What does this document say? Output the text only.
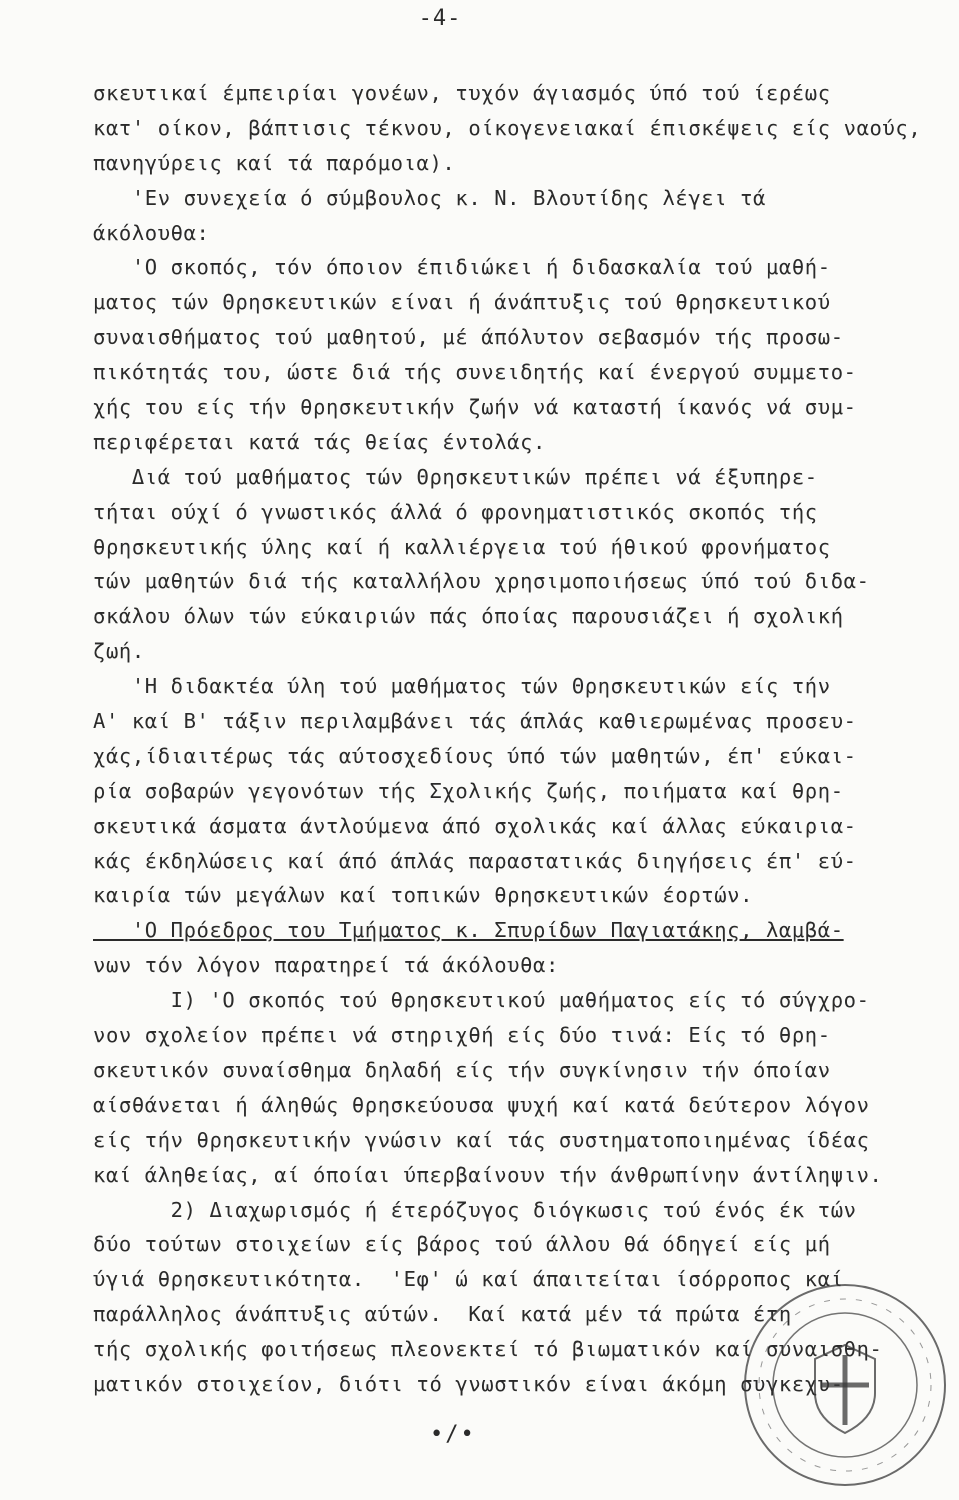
-4-
σκευτικαί έμπειρίαι γονέων, τυχόν άγιασμός ύπό τού ίερέως
κατ' οίκον, βάπτισις τέκνου, οίκογενειακαί έπισκέψεις είς ναούς,
πανηγύρεις καί τά παρόμοια).
'Εν συνεχεία ό σύμβουλος κ. Ν. Βλουτίδης λέγει τά
άκόλουθα:
'Ο σκοπός, τόν όποιον έπιδιώκει ή διδασκαλία τού μαθή-
ματος τών Θρησκευτικών είναι ή άνάπτυξις τού θρησκευτικού
συναισθήματος τού μαθητού, μέ άπόλυτον σεβασμόν τής προσω-
πικότητάς του, ώστε διά τής συνειδητής καί ένεργού συμμετο-
χής του είς τήν θρησκευτικήν ζωήν νά καταστή ίκανός νά συμ-
περιφέρεται κατά τάς θείας έντολάς.
Διά τού μαθήματος τών Θρησκευτικών πρέπει νά έξυπηρε-
τήται ούχί ό γνωστικός άλλά ό φρονηματιστικός σκοπός τής
θρησκευτικής ύλης καί ή καλλιέργεια τού ήθικού φρονήματος
τών μαθητών διά τής καταλλήλου χρησιμοποιήσεως ύπό τού διδα-
σκάλου όλων τών εύκαιριών πάς όποίας παρουσιάζει ή σχολική
ζωή.
'Η διδακτέα ύλη τού μαθήματος τών Θρησκευτικών είς τήν
Α' καί Β' τάξιν περιλαμβάνει τάς άπλάς καθιερωμένας προσευ-
χάς,ίδιαιτέρως τάς αύτοσχεδίους ύπό τών μαθητών, έπ' εύκαι-
ρία σοβαρών γεγονότων τής Σχολικής ζωής, ποιήματα καί θρη-
σκευτικά άσματα άντλούμενα άπό σχολικάς καί άλλας εύκαιρια-
κάς έκδηλώσεις καί άπό άπλάς παραστατικάς διηγήσεις έπ' εύ-
καιρία τών μεγάλων καί τοπικών θρησκευτικών έορτών.
'Ο Πρόεδρος του Τμήματος κ. Σπυρίδων Παγιατάκης, λαμβά-
νων τόν λόγον παρατηρεί τά άκόλουθα:
Ι) 'Ο σκοπός τού θρησκευτικού μαθήματος είς τό σύγχρο-
νον σχολείον πρέπει νά στηριχθή είς δύο τινά: Είς τό θρη-
σκευτικόν συναίσθημα δηλαδή είς τήν συγκίνησιν τήν όποίαν
αίσθάνεται ή άληθώς θρησκεύουσα ψυχή καί κατά δεύτερον λόγον
είς τήν θρησκευτικήν γνώσιν καί τάς συστηματοποιημένας ίδέας
καί άληθείας, αί όποίαι ύπερβαίνουν τήν άνθρωπίνην άντίληψιν.
2) Διαχωρισμός ή έτερόζυγος διόγκωσις τού ένός έκ τών
δύο τούτων στοιχείων είς βάρος τού άλλου θά όδηγεί είς μή
ύγιά θρησκευτικότητα.  'Εφ' ώ καί άπαιτείται ίσόρροπος καί
παράλληλος άνάπτυξις αύτών.  Καί κατά μέν τά πρώτα έτη
τής σχολικής φοιτήσεως πλεονεκτεί τό βιωματικόν καί συναισθη-
ματικόν στοιχείον, διότι τό γνωστικόν είναι άκόμη συγκεχυ-
•/•
